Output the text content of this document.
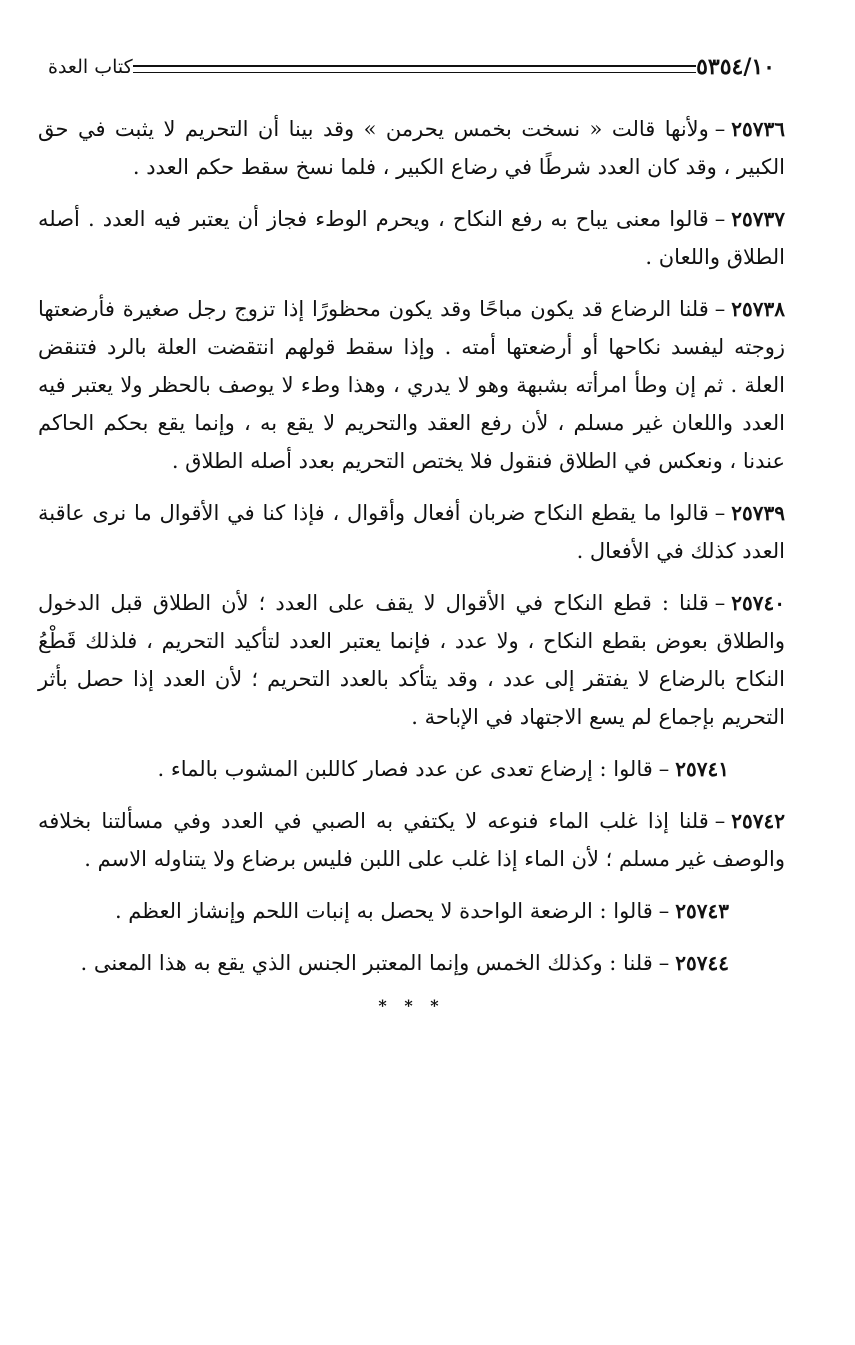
٥٣٥٤/١٠
كتاب العدة

٢٥٧٣٦–ولأنها قالت « نسخت بخمس يحرمن » وقد بينا أن التحريم لا يثبت في حق الكبير ، وقد كان العدد شرطًا في رضاع الكبير ، فلما نسخ سقط حكم العدد .

٢٥٧٣٧–قالوا معنى يباح به رفع النكاح ، ويحرم الوطء فجاز أن يعتبر فيه العدد . أصله الطلاق واللعان .

٢٥٧٣٨–قلنا الرضاع قد يكون مباحًا وقد يكون محظورًا إذا تزوج رجل صغيرة فأرضعتها زوجته ليفسد نكاحها أو أرضعتها أمته . وإذا سقط قولهم انتقضت العلة بالرد فتنقض العلة . ثم إن وطأ امرأته بشبهة وهو لا يدري ، وهذا وطء لا يوصف بالحظر ولا يعتبر فيه العدد واللعان غير مسلم ، لأن رفع العقد والتحريم لا يقع به ، وإنما يقع بحكم الحاكم عندنا ، ونعكس في الطلاق فنقول فلا يختص التحريم بعدد أصله الطلاق .

٢٥٧٣٩–قالوا ما يقطع النكاح ضربان أفعال وأقوال ، فإذا كنا في الأقوال ما نرى عاقبة العدد كذلك في الأفعال .

٢٥٧٤٠–قلنا : قطع النكاح في الأقوال لا يقف على العدد ؛ لأن الطلاق قبل الدخول والطلاق بعوض بقطع النكاح ، ولا عدد ، فإنما يعتبر العدد لتأكيد التحريم ، فلذلك قَطْعُ النكاح بالرضاع لا يفتقر إلى عدد ، وقد يتأكد بالعدد التحريم ؛ لأن العدد إذا حصل بأثر التحريم بإجماع لم يسع الاجتهاد في الإباحة .

٢٥٧٤١–قالوا : إرضاع تعدى عن عدد فصار كاللبن المشوب بالماء .

٢٥٧٤٢–قلنا إذا غلب الماء فنوعه لا يكتفي به الصبي في العدد وفي مسألتنا بخلافه والوصف غير مسلم ؛ لأن الماء إذا غلب على اللبن فليس برضاع ولا يتناوله الاسم .

٢٥٧٤٣–قالوا : الرضعة الواحدة لا يحصل به إنبات اللحم وإنشاز العظم .

٢٥٧٤٤–قلنا : وكذلك الخمس وإنما المعتبر الجنس الذي يقع به هذا المعنى .

* * *
